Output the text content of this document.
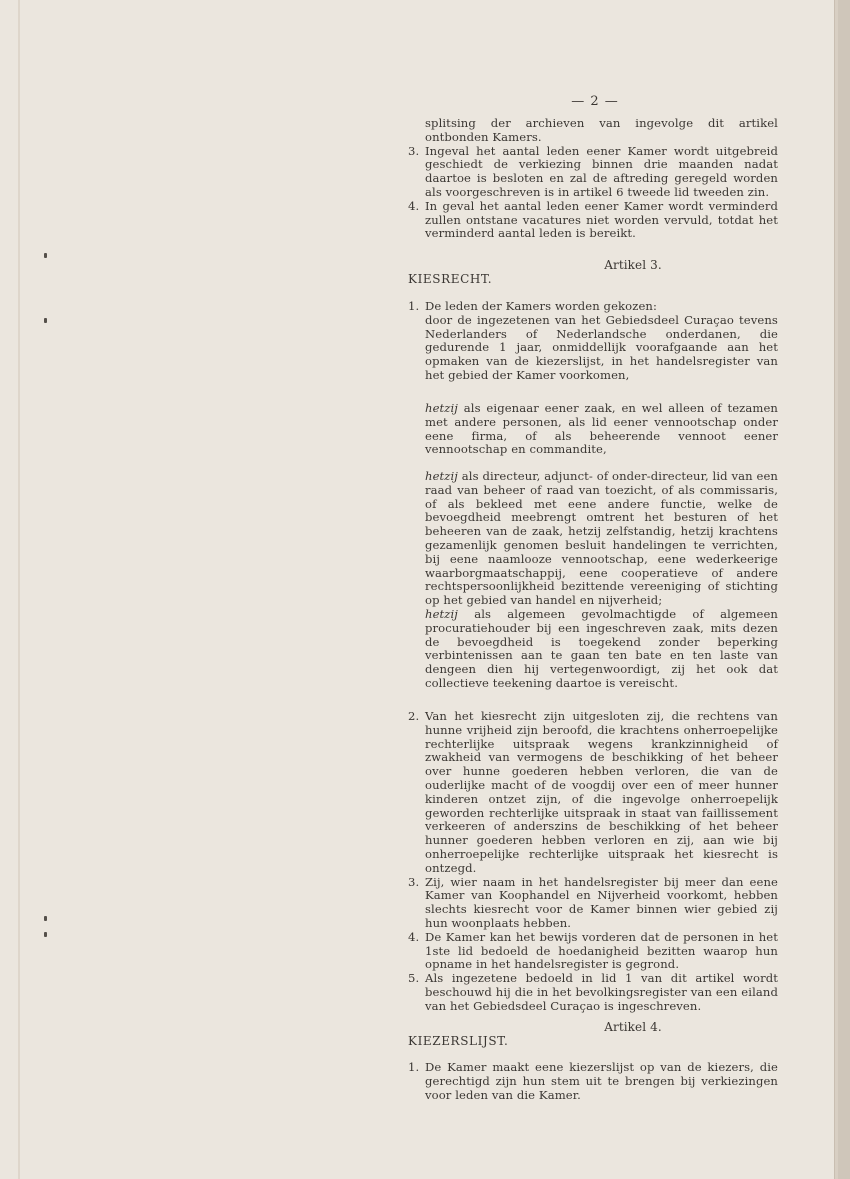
— 2 —
splitsing der archieven van ingevolge dit artikel ontbonden Kamers.
3. Ingeval het aantal leden eener Kamer wordt uitgebreid geschiedt de verkiezing binnen drie maanden nadat daartoe is besloten en zal de aftreding geregeld worden als voorgeschreven is in artikel 6 tweede lid tweeden zin.
4. In geval het aantal leden eener Kamer wordt verminderd zullen ontstane vacatures niet worden vervuld, totdat het verminderd aantal leden is bereikt.
Artikel 3.
KIESRECHT.
1. De leden der Kamers worden gekozen:
door de ingezetenen van het Gebiedsdeel Curaçao tevens Nederlanders of Nederlandsche onderdanen, die gedurende 1 jaar, onmiddellijk voorafgaande aan het opmaken van de kiezerslijst, in het handelsregister van het gebied der Kamer voorkomen,
hetzij als eigenaar eener zaak, en wel alleen of tezamen met andere personen, als lid eener vennootschap onder eene firma, of als beheerende vennoot eener vennootschap en commandite,
hetzij als directeur, adjunct- of onder-directeur, lid van een raad van beheer of raad van toezicht, of als commissaris, of als bekleed met eene andere functie, welke de bevoegdheid meebrengt omtrent het besturen of het beheeren van de zaak, hetzij zelfstandig, hetzij krachtens gezamenlijk genomen besluit handelingen te verrichten, bij eene naamlooze vennootschap, eene wederkeerige waarborgmaatschappij, eene cooperatieve of andere rechtspersoonlijkheid bezittende vereeniging of stichting op het gebied van handel en nijverheid;
hetzij als algemeen gevolmachtigde of algemeen procuratiehouder bij een ingeschreven zaak, mits dezen de bevoegdheid is toegekend zonder beperking verbintenissen aan te gaan ten bate en ten laste van dengeen dien hij vertegenwoordigt, zij het ook dat collectieve teekening daartoe is vereischt.
2. Van het kiesrecht zijn uitgesloten zij, die rechtens van hunne vrijheid zijn beroofd, die krachtens onherroepelijke rechterlijke uitspraak wegens krankzinnigheid of zwakheid van vermogens de beschikking of het beheer over hunne goederen hebben verloren, die van de ouderlijke macht of de voogdij over een of meer hunner kinderen ontzet zijn, of die ingevolge onherroepelijk geworden rechterlijke uitspraak in staat van faillissement verkeeren of anderszins de beschikking of het beheer hunner goederen hebben verloren en zij, aan wie bij onherroepelijke rechterlijke uitspraak het kiesrecht is ontzegd.
3. Zij, wier naam in het handelsregister bij meer dan eene Kamer van Koophandel en Nijverheid voorkomt, hebben slechts kiesrecht voor de Kamer binnen wier gebied zij hun woonplaats hebben.
4. De Kamer kan het bewijs vorderen dat de personen in het 1ste lid bedoeld de hoedanigheid bezitten waarop hun opname in het handelsregister is gegrond.
5. Als ingezetene bedoeld in lid 1 van dit artikel wordt beschouwd hij die in het bevolkingsregister van een eiland van het Gebiedsdeel Curaçao is ingeschreven.
Artikel 4.
KIEZERSLIJST.
1. De Kamer maakt eene kiezerslijst op van de kiezers, die gerechtigd zijn hun stem uit te brengen bij verkiezingen voor leden van die Kamer.
